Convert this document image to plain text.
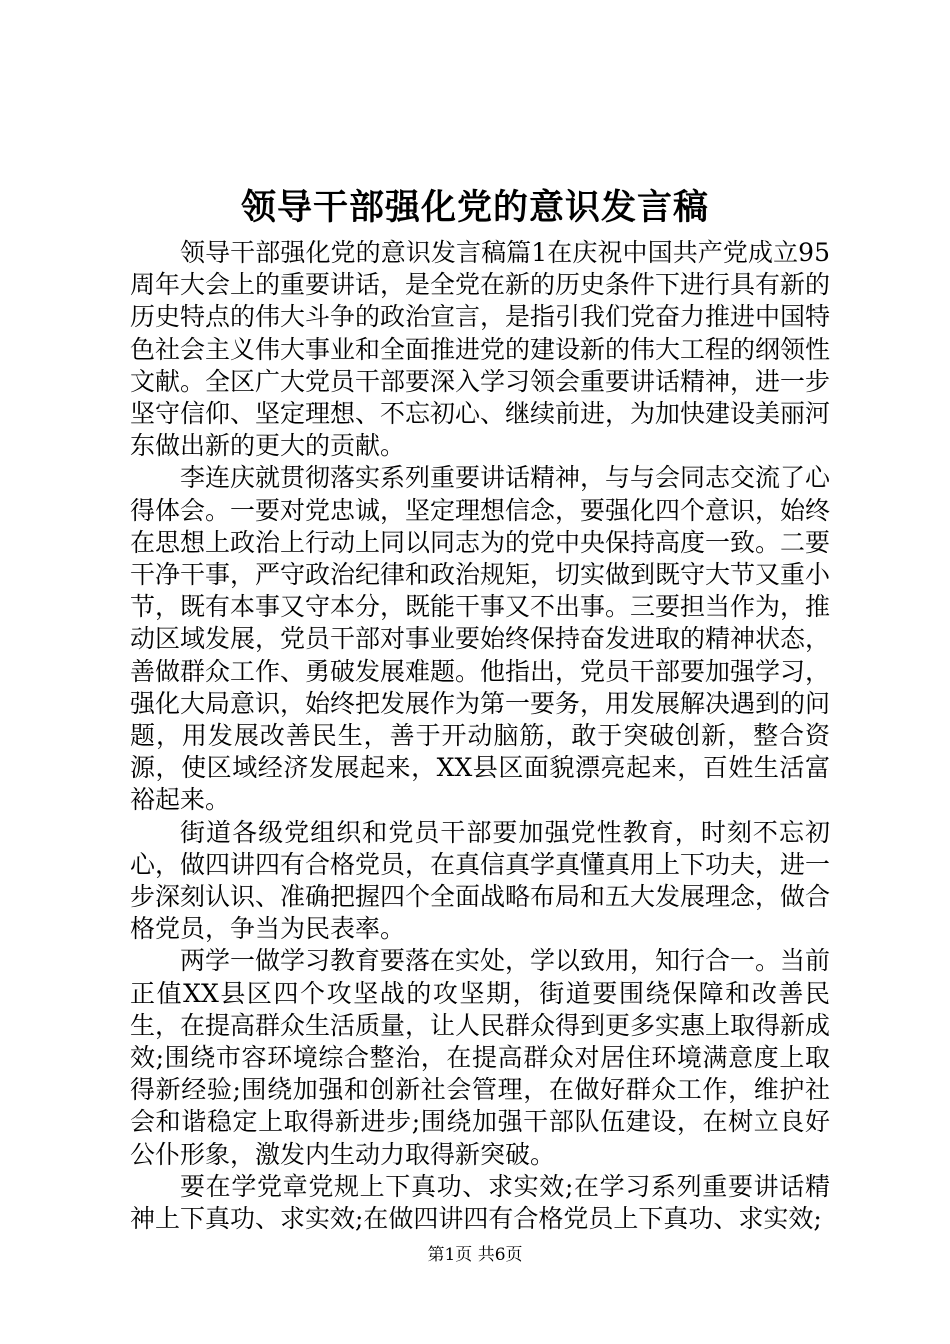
领导干部强化党的意识发言稿

领导干部强化党的意识发言稿篇1在庆祝中国共产党成立95周年大会上的重要讲话，是全党在新的历史条件下进行具有新的历史特点的伟大斗争的政治宣言，是指引我们党奋力推进中国特色社会主义伟大事业和全面推进党的建设新的伟大工程的纲领性文献。全区广大党员干部要深入学习领会重要讲话精神，进一步坚守信仰、坚定理想、不忘初心、继续前进，为加快建设美丽河东做出新的更大的贡献。

李连庆就贯彻落实系列重要讲话精神，与与会同志交流了心得体会。一要对党忠诚，坚定理想信念，要强化四个意识，始终在思想上政治上行动上同以同志为的党中央保持高度一致。二要干净干事，严守政治纪律和政治规矩，切实做到既守大节又重小节，既有本事又守本分，既能干事又不出事。三要担当作为，推动区域发展，党员干部对事业要始终保持奋发进取的精神状态，善做群众工作、勇破发展难题。他指出，党员干部要加强学习，强化大局意识，始终把发展作为第一要务，用发展解决遇到的问题，用发展改善民生，善于开动脑筋，敢于突破创新，整合资源，使区域经济发展起来，XX县区面貌漂亮起来，百姓生活富裕起来。

街道各级党组织和党员干部要加强党性教育，时刻不忘初心，做四讲四有合格党员，在真信真学真懂真用上下功夫，进一步深刻认识、准确把握四个全面战略布局和五大发展理念，做合格党员，争当为民表率。

两学一做学习教育要落在实处，学以致用，知行合一。当前正值XX县区四个攻坚战的攻坚期，街道要围绕保障和改善民生，在提高群众生活质量，让人民群众得到更多实惠上取得新成效;围绕市容环境综合整治，在提高群众对居住环境满意度上取得新经验;围绕加强和创新社会管理，在做好群众工作，维护社会和谐稳定上取得新进步;围绕加强干部队伍建设，在树立良好公仆形象，激发内生动力取得新突破。

要在学党章党规上下真功、求实效;在学习系列重要讲话精神上下真功、求实效;在做四讲四有合格党员上下真功、求实效;

第1页 共6页
